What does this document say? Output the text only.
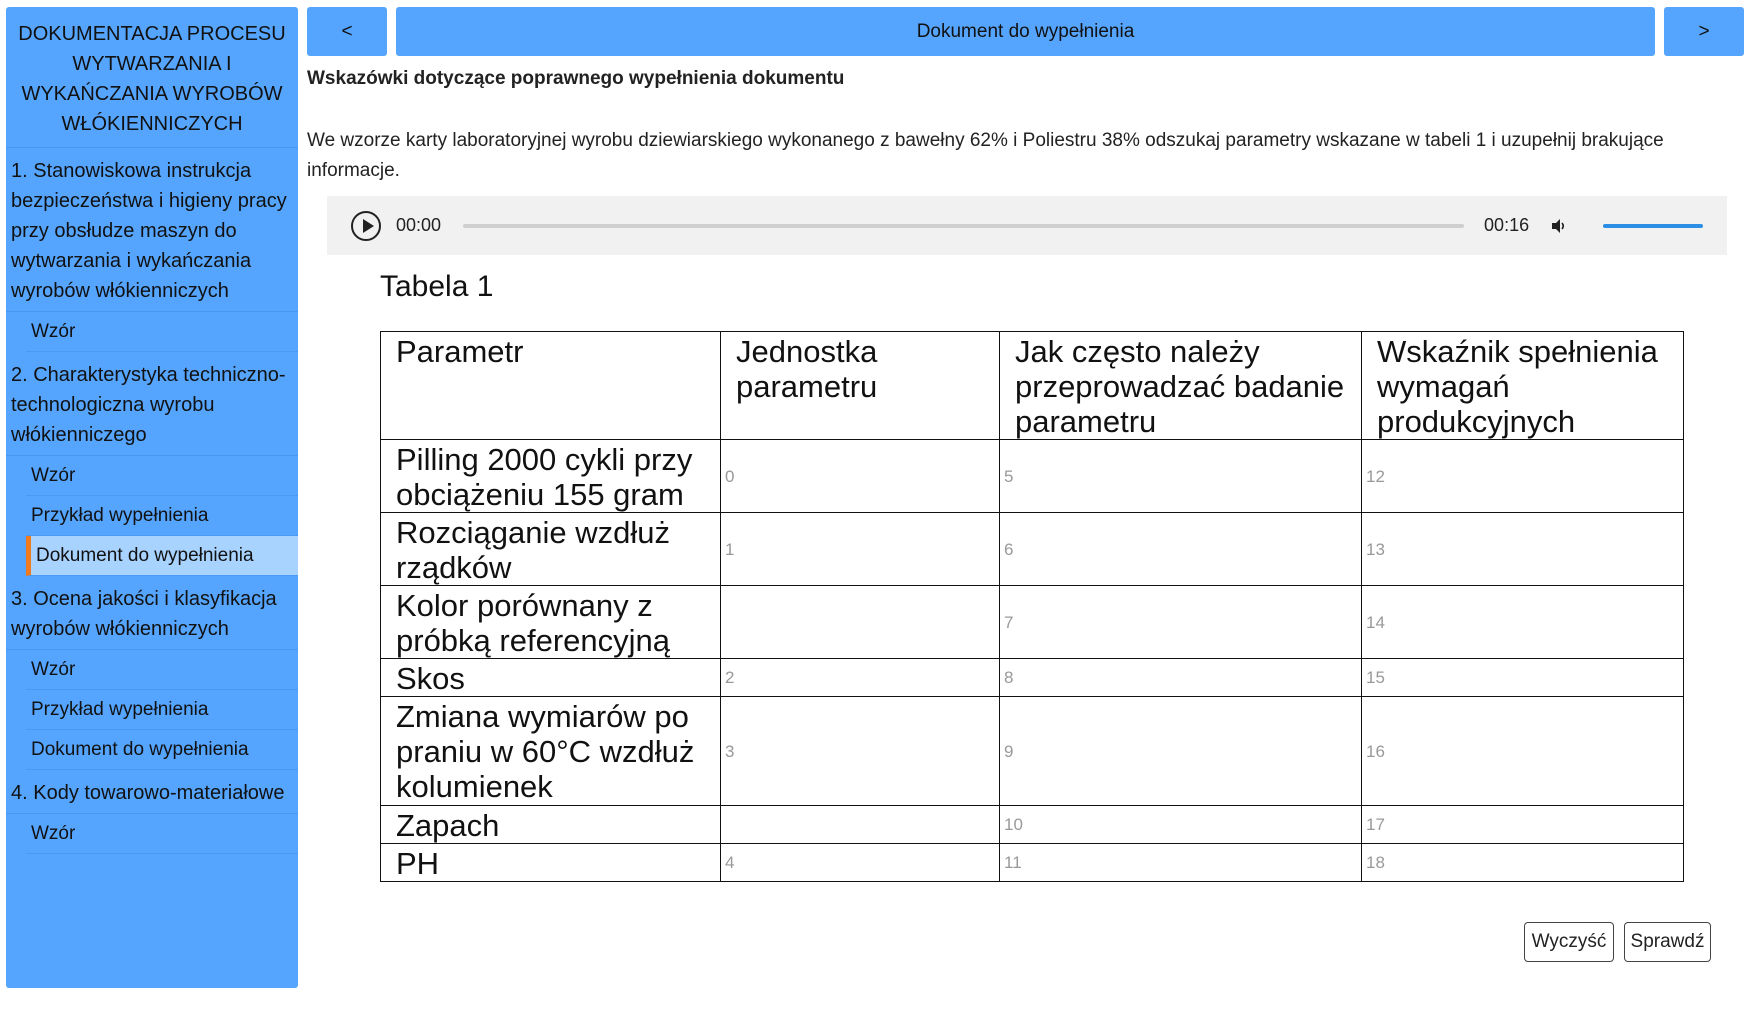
DOKUMENTACJA PROCESU WYTWARZANIA I WYKAŃCZANIA WYROBÓW WŁÓKIENNICZYCH
1. Stanowiskowa instrukcja bezpieczeństwa i higieny pracy przy obsłudze maszyn do wytwarzania i wykańczania wyrobów włókienniczych
Wzór
2. Charakterystyka techniczno-technologiczna wyrobu włókienniczego
Wzór
Przykład wypełnienia
Dokument do wypełnienia
3. Ocena jakości i klasyfikacja wyrobów włókienniczych
Wzór
Przykład wypełnienia
Dokument do wypełnienia
4. Kody towarowo-materiałowe
Wzór
<	Dokument do wypełnienia	>
Wskazówki dotyczące poprawnego wypełnienia dokumentu
We wzorze karty laboratoryjnej wyrobu dziewiarskiego wykonanego z bawełny 62% i Poliestru 38% odszukaj parametry wskazane w tabeli 1 i uzupełnij brakujące informacje.
00:00	00:16
Tabela 1
Parametr	Jednostka parametru	Jak często należy przeprowadzać badanie parametru	Wskaźnik spełnienia wymagań produkcyjnych
Pilling 2000 cykli przy obciążeniu 155 gram	0	5	12
Rozciąganie wzdłuż rządków	1	6	13
Kolor porównany z próbką referencyjną		7	14
Skos	2	8	15
Zmiana wymiarów po praniu w 60°C wzdłuż kolumienek	3	9	16
Zapach		10	17
PH	4	11	18
Wyczyść	Sprawdź
